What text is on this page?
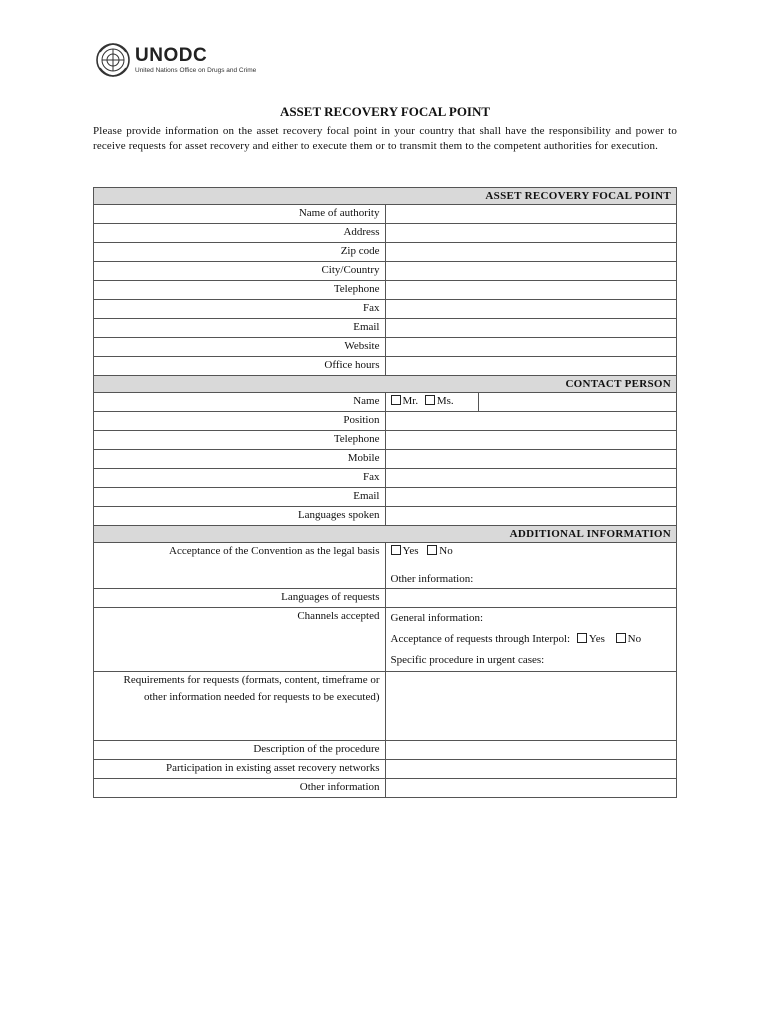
UNODC
United Nations Office on Drugs and Crime
ASSET RECOVERY FOCAL POINT
Please provide information on the asset recovery focal point in your country that shall have the responsibility and power to receive requests for asset recovery and either to execute them or to transmit them to the competent authorities for execution.
ASSET RECOVERY FOCAL POINT	
Name of authority	
Address	
Zip code	
City/Country	
Telephone	
Fax	
Email	
Website	
Office hours	
CONTACT PERSON	
Name	Mr. Ms.

Position	
Telephone	
Mobile	
Fax	
Email	
Languages spoken	
ADDITIONAL INFORMATION	
Acceptance of the Convention as the legal basis	Yes No
Other information:

Languages of requests	
Channels accepted	General information:
Acceptance of requests through Interpol: Yes No
Specific procedure in urgent cases:

Requirements for requests (formats, content, timeframe or other information needed for requests to be executed)	
Description of the procedure	
Participation in existing asset recovery networks	
Other information	
